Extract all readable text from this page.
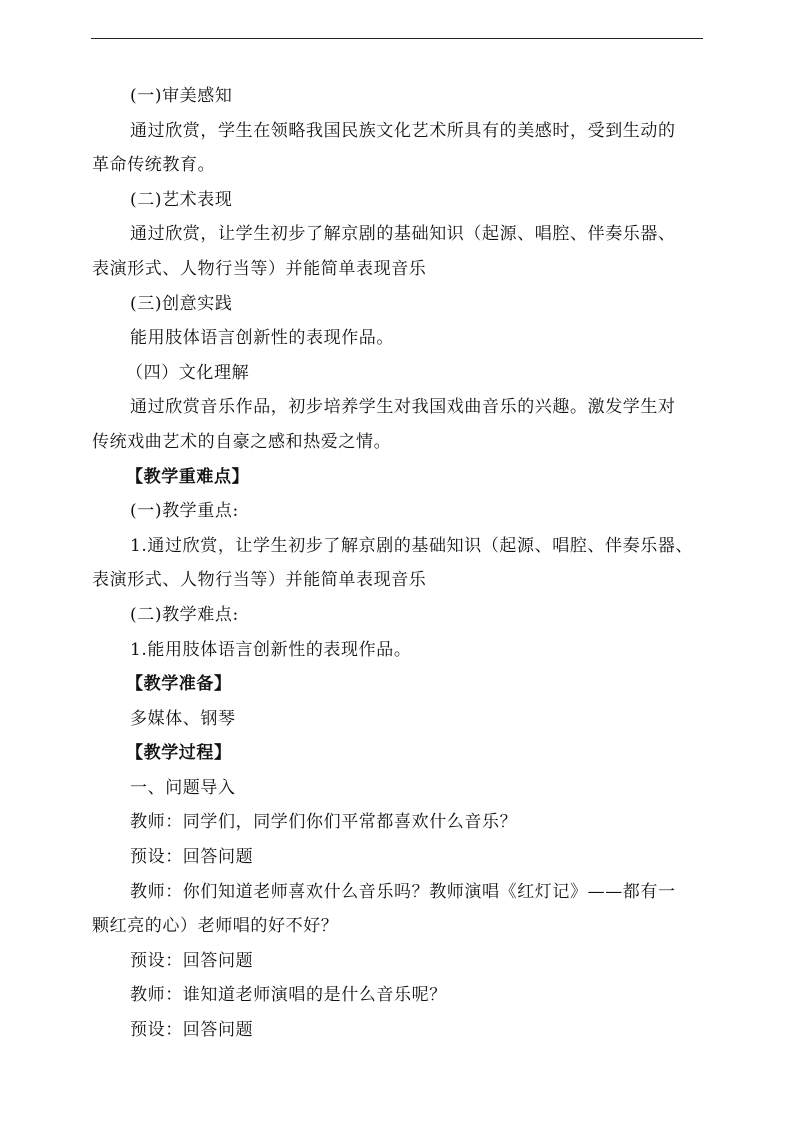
(一)审美感知

通过欣赏，学生在领略我国民族文化艺术所具有的美感时，受到生动的

革命传统教育。

(二)艺术表现

通过欣赏，让学生初步了解京剧的基础知识（起源、唱腔、伴奏乐器、

表演形式、人物行当等）并能简单表现音乐

(三)创意实践

能用肢体语言创新性的表现作品。

（四）文化理解

通过欣赏音乐作品，初步培养学生对我国戏曲音乐的兴趣。激发学生对

传统戏曲艺术的自豪之感和热爱之情。

【教学重难点】

(一)教学重点:

1.通过欣赏，让学生初步了解京剧的基础知识（起源、唱腔、伴奏乐器、

表演形式、人物行当等）并能简单表现音乐

(二)教学难点:

1.能用肢体语言创新性的表现作品。

【教学准备】

多媒体、钢琴

【教学过程】

一、问题导入

教师：同学们，同学们你们平常都喜欢什么音乐？

预设：回答问题

教师：你们知道老师喜欢什么音乐吗？教师演唱《红灯记》——都有一

颗红亮的心）老师唱的好不好？

预设：回答问题

教师：谁知道老师演唱的是什么音乐呢？

预设：回答问题
